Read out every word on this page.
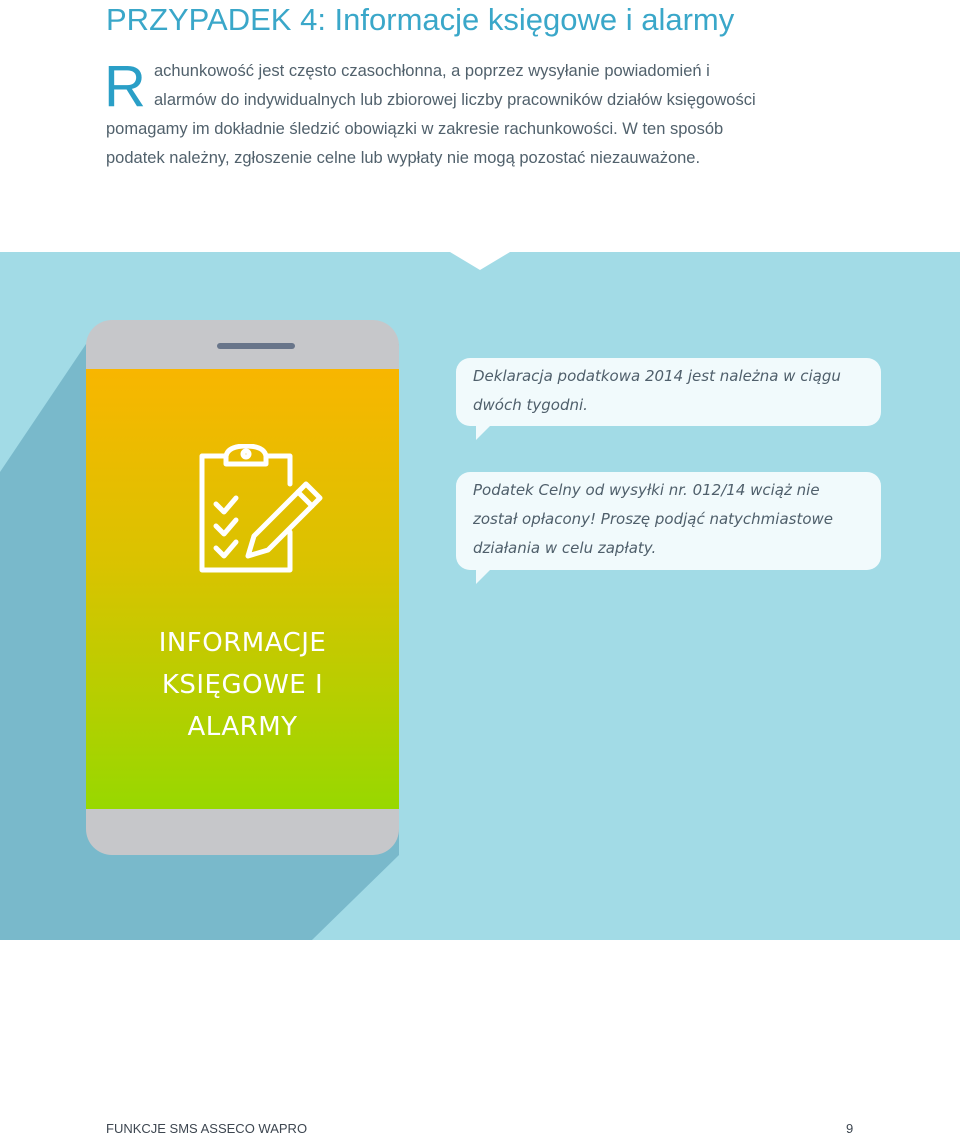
PRZYPADEK 4: Informacje księgowe i alarmy
R achunkowość jest często czasochłonna, a poprzez wysyłanie powiadomień i
alarmów do indywidualnych lub zbiorowej liczby pracowników działów księgowości
pomagamy im dokładnie śledzić obowiązki w zakresie rachunkowości. W ten sposób
podatek należny, zgłoszenie celne lub wypłaty nie mogą pozostać niezauważone.
INFORMACJE
KSIĘGOWE I
ALARMY
Deklaracja podatkowa 2014 jest należna w ciągu
dwóch tygodni.
Podatek Celny od wysyłki nr. 012/14 wciąż nie
został opłacony! Proszę podjąć natychmiastowe
działania w celu zapłaty.
FUNKCJE SMS ASSECO WAPRO	9
